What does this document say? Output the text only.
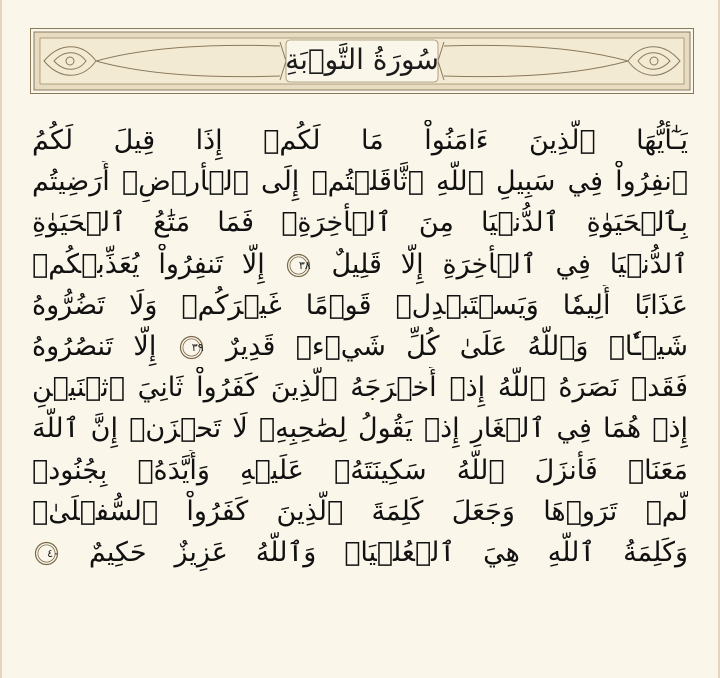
سُورَةُ التَّوۡبَةِ
يَـٰٓأَيُّهَا ٱلَّذِينَ ءَامَنُواْ مَا لَكُمۡ إِذَا قِيلَ لَكُمُ
ٱنفِرُواْ فِي سَبِيلِ ٱللَّهِ ٱثَّاقَلۡتُمۡ إِلَى ٱلۡأَرۡضِۚ أَرَضِيتُم
بِٱلۡحَيَوٰةِ ٱلدُّنۡيَا مِنَ ٱلۡأٓخِرَةِۚ فَمَا مَتَٰعُ ٱلۡحَيَوٰةِ
ٱلدُّنۡيَا فِي ٱلۡأٓخِرَةِ إِلَّا قَلِيلٌ
٣٨
إِلَّا تَنفِرُواْ يُعَذِّبۡكُمۡ
عَذَابًا أَلِيمٗا وَيَسۡتَبۡدِلۡ قَوۡمًا غَيۡرَكُمۡ وَلَا تَضُرُّوهُ
شَيۡـٔٗاۗ وَٱللَّهُ عَلَىٰ كُلِّ شَيۡءٖ قَدِيرٌ
٣٩
إِلَّا تَنصُرُوهُ
فَقَدۡ نَصَرَهُ ٱللَّهُ إِذۡ أَخۡرَجَهُ ٱلَّذِينَ كَفَرُواْ ثَانِيَ ٱثۡنَيۡنِ
إِذۡ هُمَا فِي ٱلۡغَارِ إِذۡ يَقُولُ لِصَٰحِبِهِۦ لَا تَحۡزَنۡ إِنَّ ٱللَّهَ
مَعَنَاۖ فَأَنزَلَ ٱللَّهُ سَكِينَتَهُۥ عَلَيۡهِ وَأَيَّدَهُۥ بِجُنُودٖ
لَّمۡ تَرَوۡهَا وَجَعَلَ كَلِمَةَ ٱلَّذِينَ كَفَرُواْ ٱلسُّفۡلَىٰۗ
وَكَلِمَةُ ٱللَّهِ هِيَ ٱلۡعُلۡيَاۗ وَٱللَّهُ عَزِيزٌ حَكِيمٌ
٤٠
